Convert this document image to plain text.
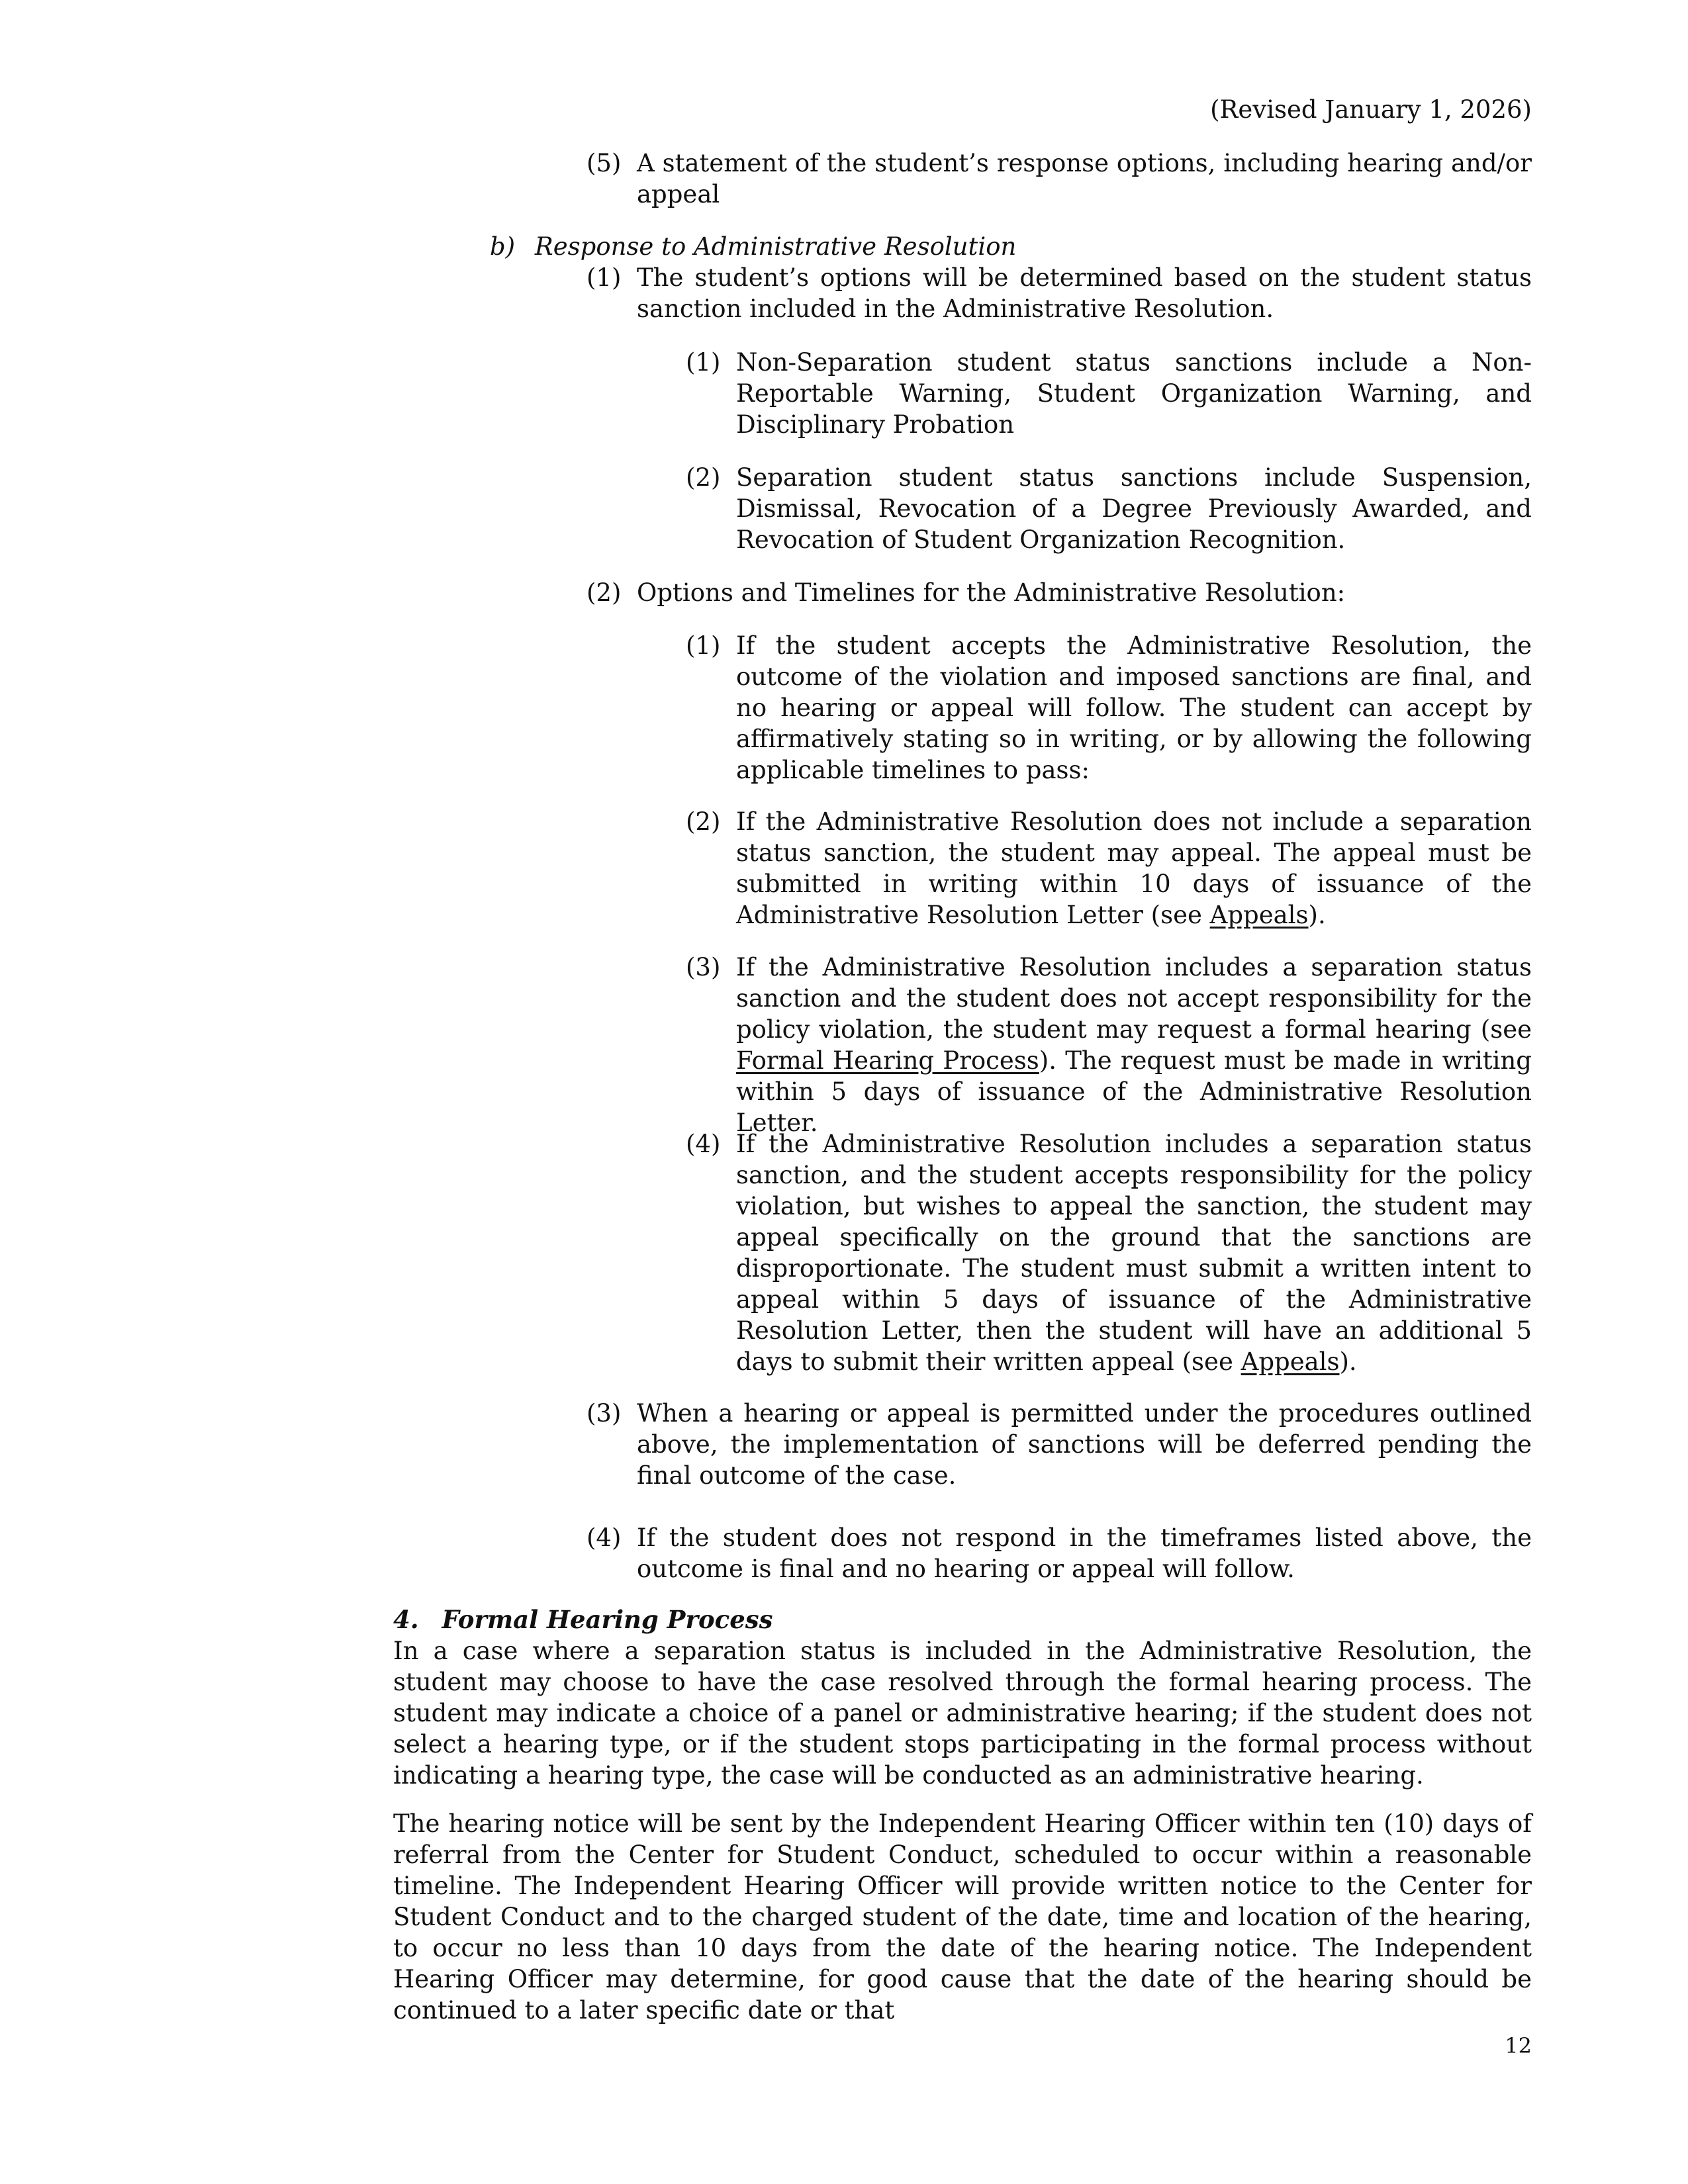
(Revised January 1, 2026)
(5) A statement of the student’s response options, including hearing and/or appeal
b) Response to Administrative Resolution
(1) The student’s options will be determined based on the student status sanction included in the Administrative Resolution.
(1) Non-Separation student status sanctions include a Non-Reportable Warning, Student Organization Warning, and Disciplinary Probation
(2) Separation student status sanctions include Suspension, Dismissal, Revocation of a Degree Previously Awarded, and Revocation of Student Organization Recognition.
(2) Options and Timelines for the Administrative Resolution:
(1) If the student accepts the Administrative Resolution, the outcome of the violation and imposed sanctions are final, and no hearing or appeal will follow. The student can accept by affirmatively stating so in writing, or by allowing the following applicable timelines to pass:
(2) If the Administrative Resolution does not include a separation status sanction, the student may appeal. The appeal must be submitted in writing within 10 days of issuance of the Administrative Resolution Letter (see Appeals).
(3) If the Administrative Resolution includes a separation status sanction and the student does not accept responsibility for the policy violation, the student may request a formal hearing (see Formal Hearing Process). The request must be made in writing within 5 days of issuance of the Administrative Resolution Letter.
(4) If the Administrative Resolution includes a separation status sanction, and the student accepts responsibility for the policy violation, but wishes to appeal the sanction, the student may appeal specifically on the ground that the sanctions are disproportionate. The student must submit a written intent to appeal within 5 days of issuance of the Administrative Resolution Letter, then the student will have an additional 5 days to submit their written appeal (see Appeals).
(3) When a hearing or appeal is permitted under the procedures outlined above, the implementation of sanctions will be deferred pending the final outcome of the case.
(4) If the student does not respond in the timeframes listed above, the outcome is final and no hearing or appeal will follow.
4. Formal Hearing Process
In a case where a separation status is included in the Administrative Resolution, the student may choose to have the case resolved through the formal hearing process. The student may indicate a choice of a panel or administrative hearing; if the student does not select a hearing type, or if the student stops participating in the formal process without indicating a hearing type, the case will be conducted as an administrative hearing.
The hearing notice will be sent by the Independent Hearing Officer within ten (10) days of referral from the Center for Student Conduct, scheduled to occur within a reasonable timeline. The Independent Hearing Officer will provide written notice to the Center for Student Conduct and to the charged student of the date, time and location of the hearing, to occur no less than 10 days from the date of the hearing notice. The Independent Hearing Officer may determine, for good cause that the date of the hearing should be continued to a later specific date or that
12
